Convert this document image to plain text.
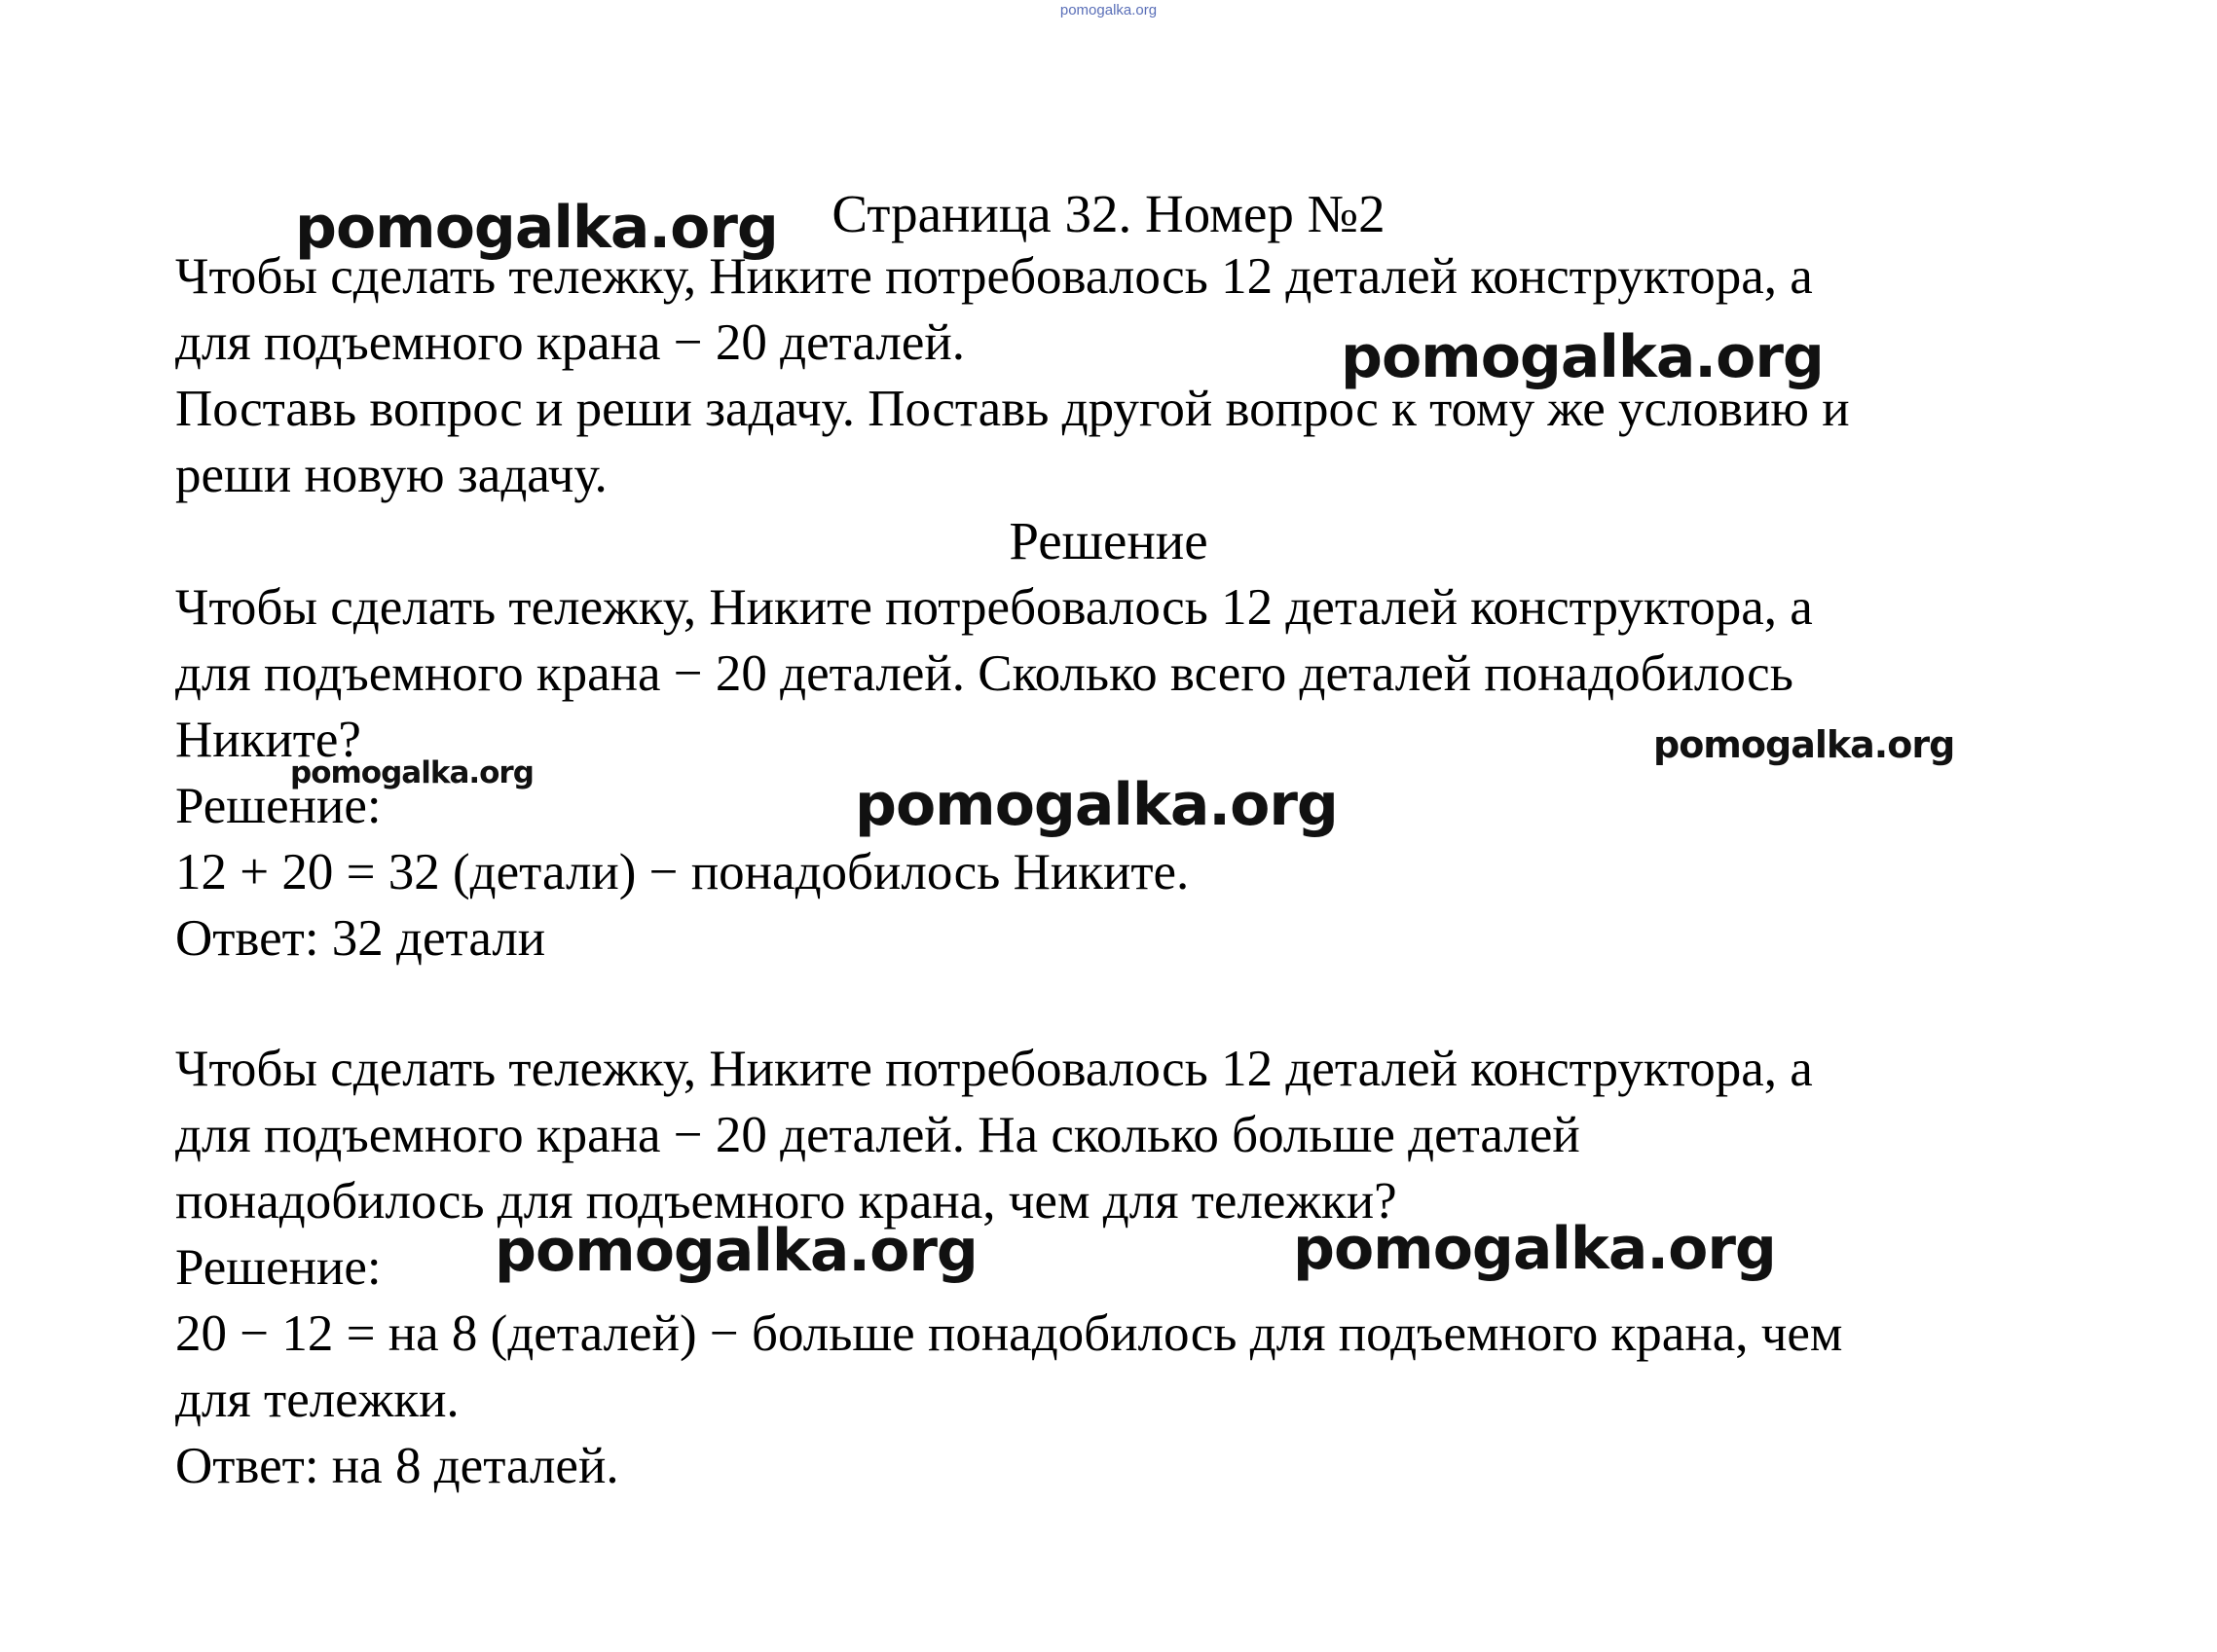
pomogalka.org
Страница 32. Номер №2
Чтобы сделать тележку, Никите потребовалось 12 деталей конструктора, а
для подъемного крана − 20 деталей.
Поставь вопрос и реши задачу. Поставь другой вопрос к тому же условию и
реши новую задачу.
Решение
Чтобы сделать тележку, Никите потребовалось 12 деталей конструктора, а
для подъемного крана − 20 деталей. Сколько всего деталей понадобилось
Никите?
Решение:
12 + 20 = 32 (детали) − понадобилось Никите.
Ответ: 32 детали
Чтобы сделать тележку, Никите потребовалось 12 деталей конструктора, а
для подъемного крана − 20 деталей. На сколько больше деталей
понадобилось для подъемного крана, чем для тележки?
Решение:
20 − 12 = на 8 (деталей) − больше понадобилось для подъемного крана, чем
для тележки.
Ответ: на 8 деталей.
pomogalka.org
pomogalka.org
pomogalka.org
pomogalka.org	pomogalka.org
pomogalka.org	pomogalka.org
